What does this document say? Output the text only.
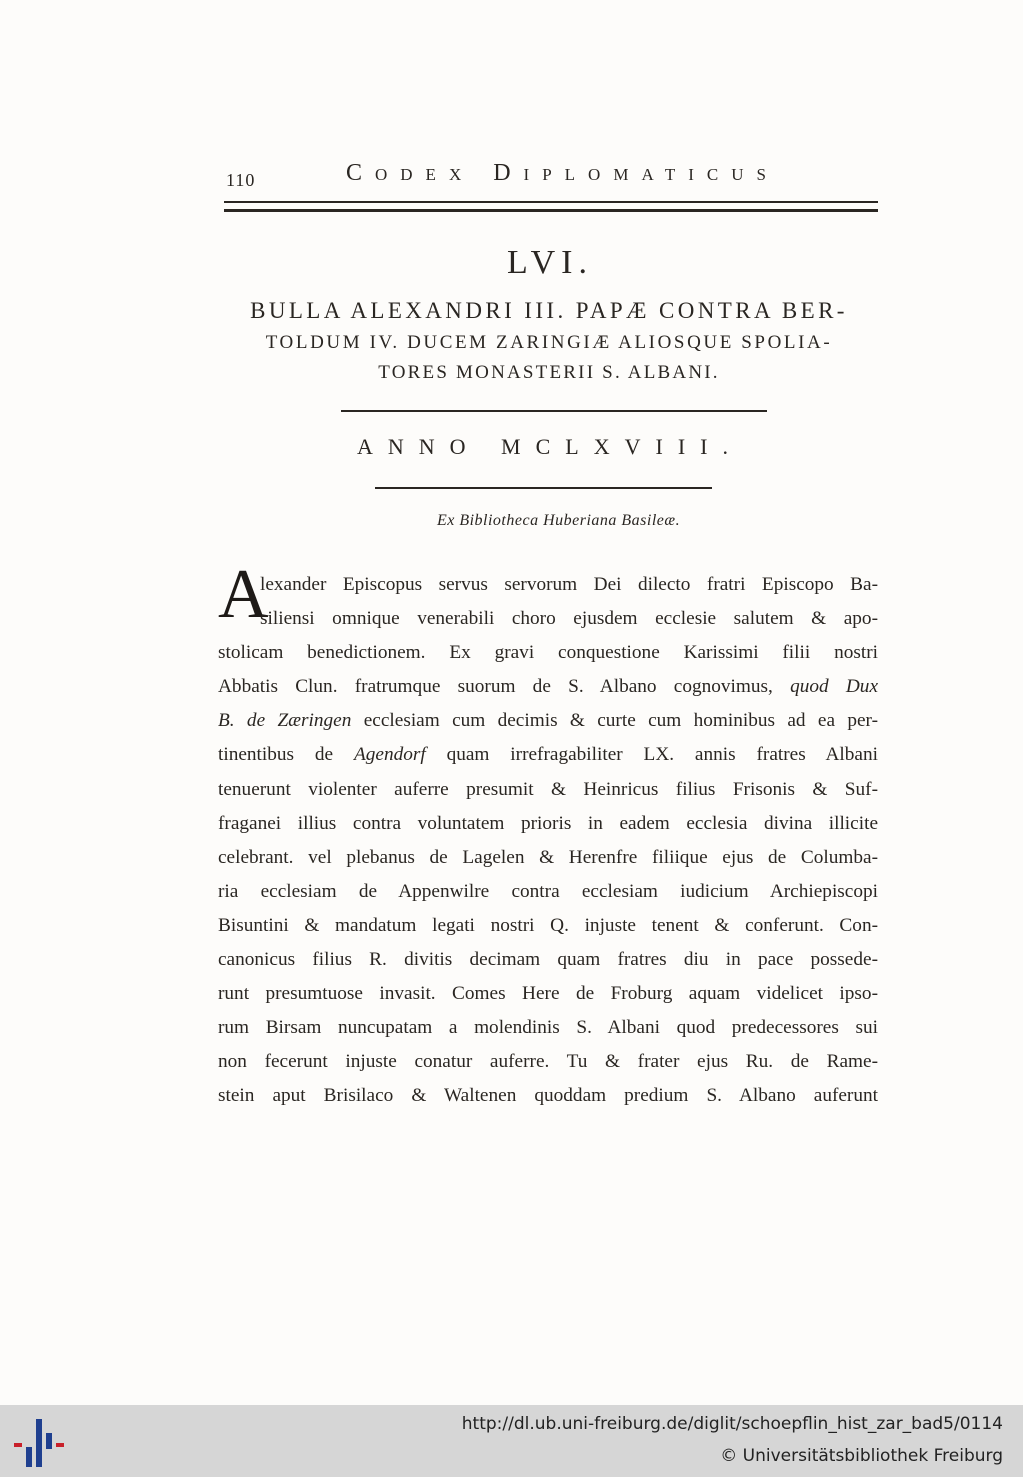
110	Codex Diplomaticus
LVI.
BULLA ALEXANDRI III. PAPÆ CONTRA BER-
TOLDUM IV. DUCEM ZARINGIÆ ALIOSQUE SPOLIA-
TORES MONASTERII S. ALBANI.
ANNO MCLXVIII.
Ex Bibliotheca Huberiana Basileæ.
A
lexander Episcopus servus servorum Dei dilecto fratri Episcopo Ba-
siliensi omnique venerabili choro ejusdem ecclesie salutem & apo-
stolicam benedictionem. Ex gravi conquestione Karissimi filii nostri
Abbatis Clun. fratrumque suorum de S. Albano cognovimus, quod Dux
B. de Zæringen ecclesiam cum decimis & curte cum hominibus ad ea per-
tinentibus de Agendorf quam irrefragabiliter LX. annis fratres Albani
tenuerunt violenter auferre presumit & Heinricus filius Frisonis & Suf-
fraganei illius contra voluntatem prioris in eadem ecclesia divina illicite
celebrant. vel plebanus de Lagelen & Herenfre filiique ejus de Columba-
ria ecclesiam de Appenwilre contra ecclesiam iudicium Archiepiscopi
Bisuntini & mandatum legati nostri Q. injuste tenent & conferunt. Con-
canonicus filius R. divitis decimam quam fratres diu in pace possede-
runt presumtuose invasit. Comes Here de Froburg aquam videlicet ipso-
rum Birsam nuncupatam a molendinis S. Albani quod predecessores sui
non fecerunt injuste conatur auferre. Tu & frater ejus Ru. de Rame-
stein aput Brisilaco & Waltenen quoddam predium S. Albano auferunt
http://dl.ub.uni-freiburg.de/diglit/schoepflin_hist_zar_bad5/0114
© Universitätsbibliothek Freiburg
